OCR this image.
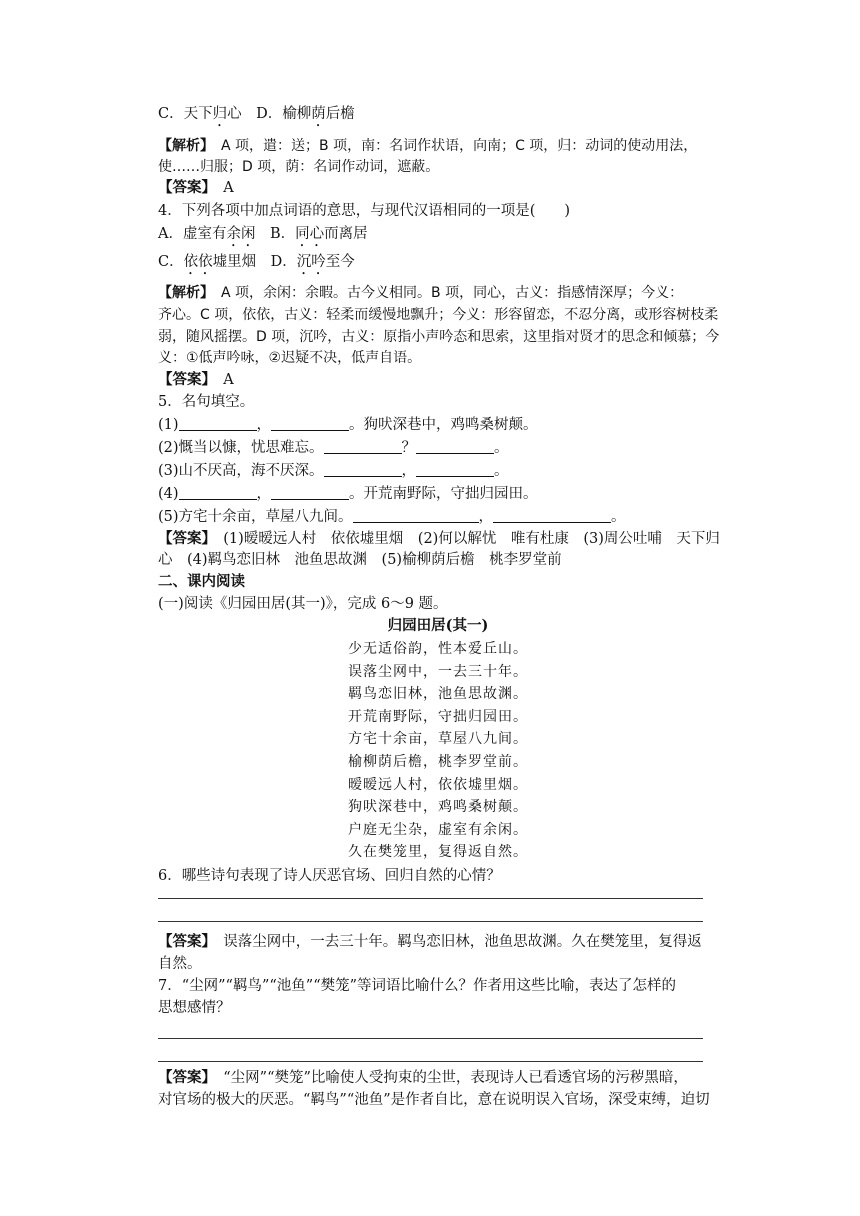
C．天下归心　D．榆柳荫后檐
【解析】　A 项，遣：送；B 项，南：名词作状语，向南；C 项，归：动词的使动用法，
使……归服；D 项，荫：名词作动词，遮蔽。
【答案】　A
4．下列各项中加点词语的意思，与现代汉语相同的一项是(　　)
A．虚室有余闲　B．同心而离居
C．依依墟里烟　D．沉吟至今
【解析】　A 项，余闲：余暇。古今义相同。B 项，同心，古义：指感情深厚；今义：
齐心。C 项，依依，古义：轻柔而缓慢地飘升；今义：形容留恋，不忍分离，或形容树枝柔
弱，随风摇摆。D 项，沉吟，古义：原指小声吟态和思索，这里指对贤才的思念和倾慕；今
义：①低声吟咏，②迟疑不决，低声自语。
【答案】　A
5．名句填空。
(1)	，	。狗吠深巷中，鸡鸣桑树颠。
(2)慨当以慷，忧思难忘。	？	。
(3)山不厌高，海不厌深。	，	。
(4)	，	。开荒南野际，守拙归园田。
(5)方宅十余亩，草屋八九间。	，	。
【答案】　(1)暧暧远人村　依依墟里烟　(2)何以解忧　唯有杜康　(3)周公吐哺　天下归
心　(4)羁鸟恋旧林　池鱼思故渊　(5)榆柳荫后檐　桃李罗堂前
二、课内阅读
(一)阅读《归园田居(其一)》，完成 6～9 题。
归园田居(其一)
少无适俗韵，性本爱丘山。
误落尘网中，一去三十年。
羁鸟恋旧林，池鱼思故渊。
开荒南野际，守拙归园田。
方宅十余亩，草屋八九间。
榆柳荫后檐，桃李罗堂前。
暧暧远人村，依依墟里烟。
狗吠深巷中，鸡鸣桑树颠。
户庭无尘杂，虚室有余闲。
久在樊笼里，复得返自然。
6．哪些诗句表现了诗人厌恶官场、回归自然的心情？
【答案】　误落尘网中，一去三十年。羁鸟恋旧林，池鱼思故渊。久在樊笼里，复得返
自然。
7．“尘网”“羁鸟”“池鱼”“樊笼”等词语比喻什么？作者用这些比喻，表达了怎样的
思想感情？
【答案】　“尘网”“樊笼”比喻使人受拘束的尘世，表现诗人已看透官场的污秽黑暗，
对官场的极大的厌恶。“羁鸟”“池鱼”是作者自比，意在说明误入官场，深受束缚，迫切
